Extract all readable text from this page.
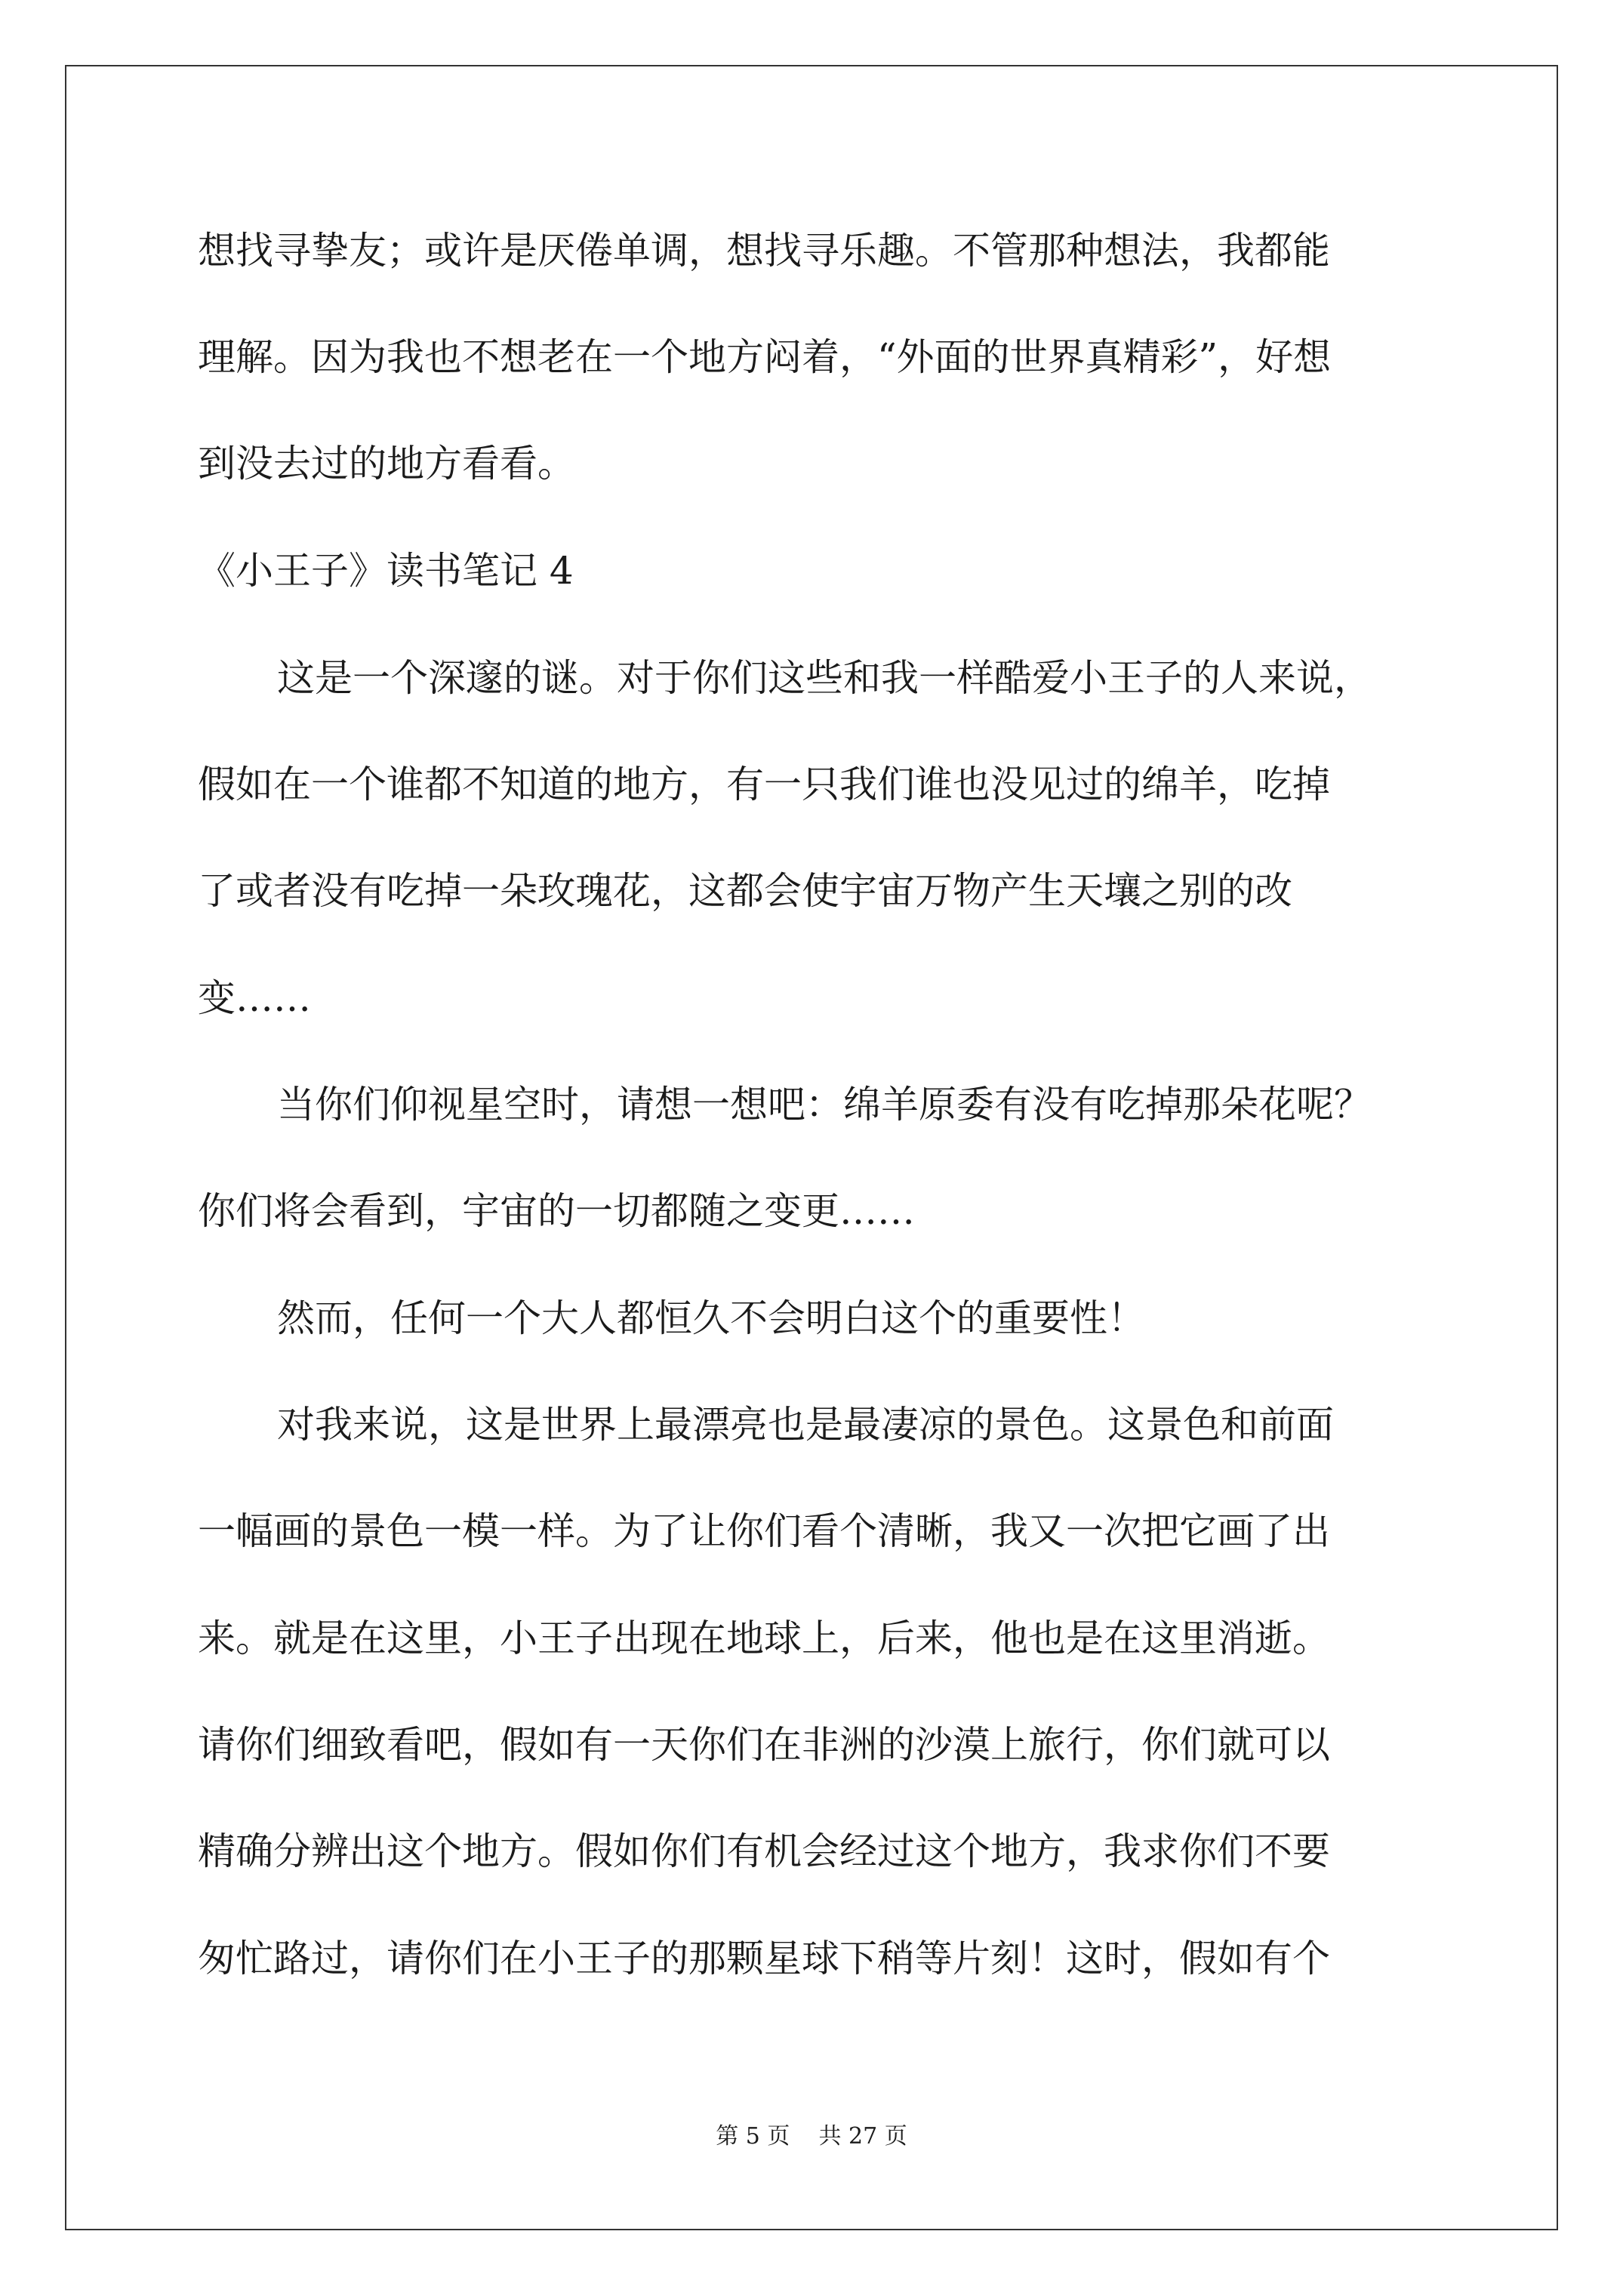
想找寻挚友；或许是厌倦单调，想找寻乐趣。不管那种想法，我都能
理解。因为我也不想老在一个地方闷着，“外面的世界真精彩”，好想
到没去过的地方看看。
《小王子》读书笔记 4
这是一个深邃的谜。对于你们这些和我一样酷爱小王子的人来说，
假如在一个谁都不知道的地方，有一只我们谁也没见过的绵羊，吃掉
了或者没有吃掉一朵玫瑰花，这都会使宇宙万物产生天壤之别的改
变……
当你们仰视星空时，请想一想吧：绵羊原委有没有吃掉那朵花呢？
你们将会看到，宇宙的一切都随之变更……
然而，任何一个大人都恒久不会明白这个的重要性！
对我来说，这是世界上最漂亮也是最凄凉的景色。这景色和前面
一幅画的景色一模一样。为了让你们看个清晰，我又一次把它画了出
来。就是在这里，小王子出现在地球上，后来，他也是在这里消逝。
请你们细致看吧，假如有一天你们在非洲的沙漠上旅行，你们就可以
精确分辨出这个地方。假如你们有机会经过这个地方，我求你们不要
匆忙路过，请你们在小王子的那颗星球下稍等片刻！这时，假如有个
第 5 页    共 27 页
